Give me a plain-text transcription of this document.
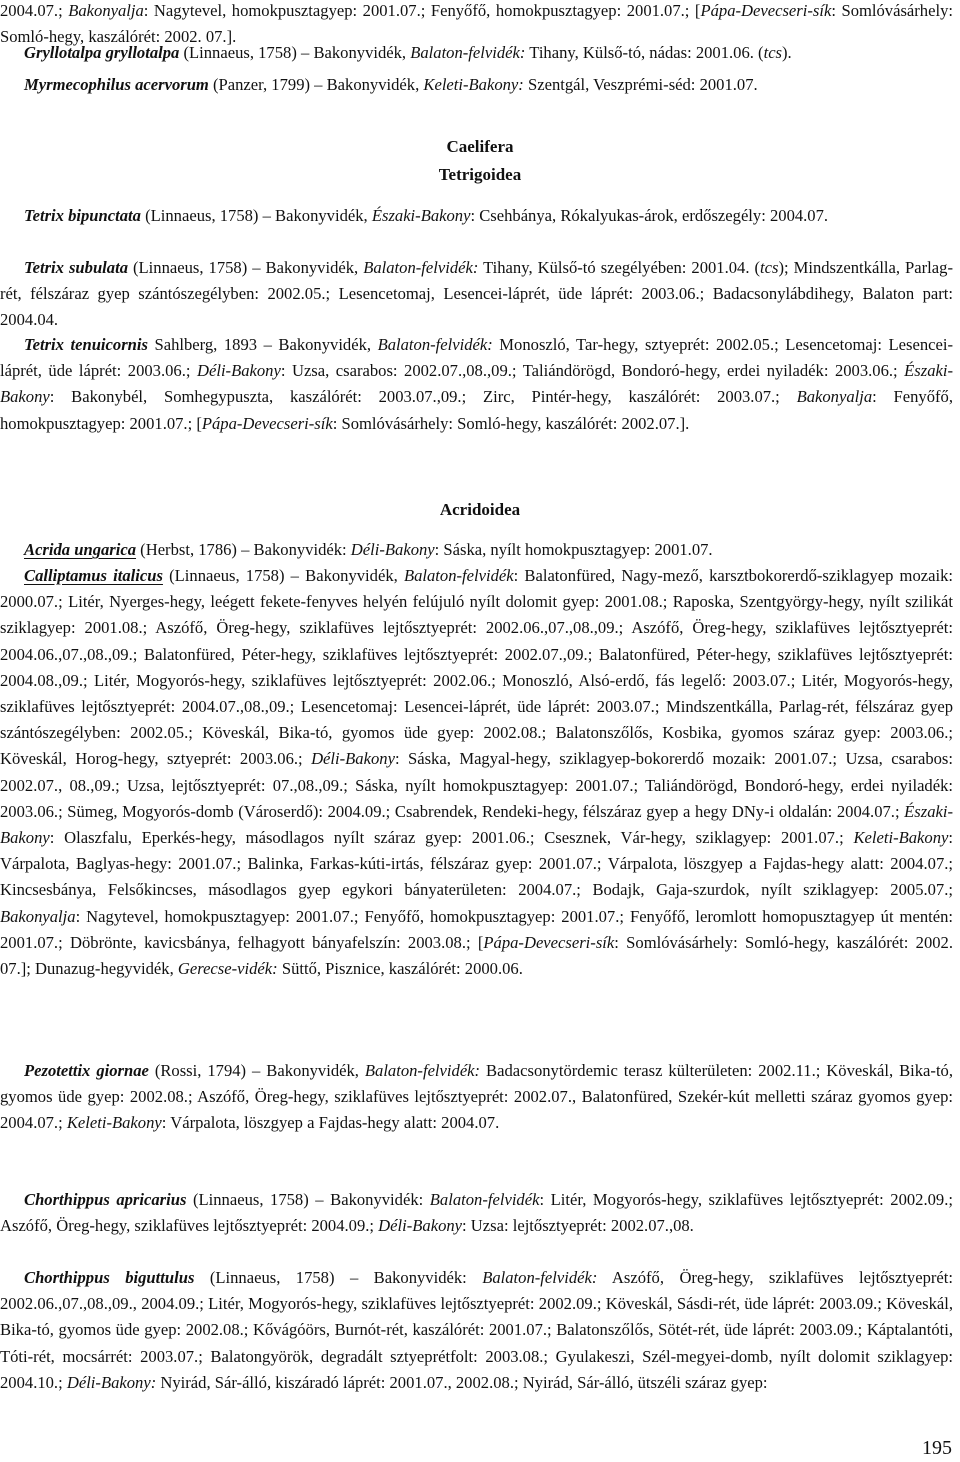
2004.07.; Bakonyalja: Nagytevel, homokpusztagyep: 2001.07.; Fenyőfő, homokpusztagyep: 2001.07.; [Pápa-Devecseri-sík: Somlóvásárhely: Somló-hegy, kaszálórét: 2002. 07.].

Gryllotalpa gryllotalpa (Linnaeus, 1758) – Bakonyvidék, Balaton-felvidék: Tihany, Külső-tó, nádas: 2001.06. (tcs).

Myrmecophilus acervorum (Panzer, 1799) – Bakonyvidék, Keleti-Bakony: Szentgál, Veszprémi-séd: 2001.07.

Caelifera
Tetrigoidea

Tetrix bipunctata (Linnaeus, 1758) – Bakonyvidék, Északi-Bakony: Csehbánya, Rókalyukas-árok, erdőszegély: 2004.07.

Tetrix subulata (Linnaeus, 1758) – Bakonyvidék, Balaton-felvidék: Tihany, Külső-tó szegélyében: 2001.04. (tcs); Mindszentkálla, Parlag-rét, félszáraz gyep szántószegélyben: 2002.05.; Lesencetomaj, Lesencei-láprét, üde láprét: 2003.06.; Badacsonylábdihegy, Balaton part: 2004.04.

Tetrix tenuicornis Sahlberg, 1893 – Bakonyvidék, Balaton-felvidék: Monoszló, Tar-hegy, sztyeprét: 2002.05.; Lesencetomaj: Lesencei-láprét, üde láprét: 2003.06.; Déli-Bakony: Uzsa, csarabos: 2002.07.,08.,09.; Taliándörögd, Bondoró-hegy, erdei nyiladék: 2003.06.; Északi-Bakony: Bakonybél, Somhegypuszta, kaszálórét: 2003.07.,09.; Zirc, Pintér-hegy, kaszálórét: 2003.07.; Bakonyalja: Fenyőfő, homokpusztagyep: 2001.07.; [Pápa-Devecseri-sík: Somlóvásárhely: Somló-hegy, kaszálórét: 2002.07.].

Acridoidea

Acrida ungarica (Herbst, 1786) – Bakonyvidék: Déli-Bakony: Sáska, nyílt homokpusztagyep: 2001.07.

Calliptamus italicus (Linnaeus, 1758) – Bakonyvidék, Balaton-felvidék: Balatonfüred, Nagy-mező, karsztbokorerdő-sziklagyep mozaik: 2000.07.; Litér, Nyerges-hegy, leégett fekete-fenyves helyén felújuló nyílt dolomit gyep: 2001.08.; Raposka, Szentgyörgy-hegy, nyílt szilikát sziklagyep: 2001.08.; Aszófő, Öreg-hegy, sziklafüves lejtősztyeprét: 2002.06.,07.,08.,09.; Aszófő, Öreg-hegy, sziklafüves lejtősztyeprét: 2004.06.,07.,08.,09.; Balatonfüred, Péter-hegy, sziklafüves lejtősztyeprét: 2002.07.,09.; Balatonfüred, Péter-hegy, sziklafüves lejtősztyeprét: 2004.08.,09.; Litér, Mogyorós-hegy, sziklafüves lejtősztyeprét: 2002.06.; Monoszló, Alsó-erdő, fás legelő: 2003.07.; Litér, Mogyorós-hegy, sziklafüves lejtősztyeprét: 2004.07.,08.,09.; Lesencetomaj: Lesencei-láprét, üde láprét: 2003.07.; Mindszentkálla, Parlag-rét, félszáraz gyep szántószegélyben: 2002.05.; Köveskál, Bika-tó, gyomos üde gyep: 2002.08.; Balatonszőlős, Kosbika, gyomos száraz gyep: 2003.06.; Köveskál, Horog-hegy, sztyeprét: 2003.06.; Déli-Bakony: Sáska, Magyal-hegy, sziklagyep-bokorerdő mozaik: 2001.07.; Uzsa, csarabos: 2002.07., 08.,09.; Uzsa, lejtősztyeprét: 07.,08.,09.; Sáska, nyílt homokpusztagyep: 2001.07.; Taliándörögd, Bondoró-hegy, erdei nyiladék: 2003.06.; Sümeg, Mogyorós-domb (Városerdő): 2004.09.; Csabrendek, Rendeki-hegy, félszáraz gyep a hegy DNy-i oldalán: 2004.07.; Északi-Bakony: Olaszfalu, Eperkés-hegy, másodlagos nyílt száraz gyep: 2001.06.; Csesznek, Vár-hegy, sziklagyep: 2001.07.; Keleti-Bakony: Várpalota, Baglyas-hegy: 2001.07.; Balinka, Farkas-kúti-irtás, félszáraz gyep: 2001.07.; Várpalota, löszgyep a Fajdas-hegy alatt: 2004.07.; Kincsesbánya, Felsőkincses, másodlagos gyep egykori bányaterületen: 2004.07.; Bodajk, Gaja-szurdok, nyílt sziklagyep: 2005.07.; Bakonyalja: Nagytevel, homokpusztagyep: 2001.07.; Fenyőfő, homokpusztagyep: 2001.07.; Fenyőfő, leromlott homopusztagyep út mentén: 2001.07.; Döbrönte, kavicsbánya, felhagyott bányafelszín: 2003.08.; [Pápa-Devecseri-sík: Somlóvásárhely: Somló-hegy, kaszálórét: 2002. 07.]; Dunazug-hegyvidék, Gerecse-vidék: Süttő, Pisznice, kaszálórét: 2000.06.

Pezotettix giornae (Rossi, 1794) – Bakonyvidék, Balaton-felvidék: Badacsonytördemic terasz külterületen: 2002.11.; Köveskál, Bika-tó, gyomos üde gyep: 2002.08.; Aszófő, Öreg-hegy, sziklafüves lejtősztyeprét: 2002.07., Balatonfüred, Szekér-kút melletti száraz gyomos gyep: 2004.07.; Keleti-Bakony: Várpalota, löszgyep a Fajdas-hegy alatt: 2004.07.

Chorthippus apricarius (Linnaeus, 1758) – Bakonyvidék: Balaton-felvidék: Litér, Mogyorós-hegy, sziklafüves lejtősztyeprét: 2002.09.; Aszófő, Öreg-hegy, sziklafüves lejtősztyeprét: 2004.09.; Déli-Bakony: Uzsa: lejtősztyeprét: 2002.07.,08.

Chorthippus biguttulus (Linnaeus, 1758) – Bakonyvidék: Balaton-felvidék: Aszófő, Öreg-hegy, sziklafüves lejtősztyeprét: 2002.06.,07.,08.,09., 2004.09.; Litér, Mogyorós-hegy, sziklafüves lejtősztyeprét: 2002.09.; Köveskál, Sásdi-rét, üde láprét: 2003.09.; Köveskál, Bika-tó, gyomos üde gyep: 2002.08.; Kővágóörs, Burnót-rét, kaszálórét: 2001.07.; Balatonszőlős, Sötét-rét, üde láprét: 2003.09.; Káptalantóti, Tóti-rét, mocsárrét: 2003.07.; Balatongyörök, degradált sztyeprétfolt: 2003.08.; Gyulakeszi, Szél-megyei-domb, nyílt dolomit sziklagyep: 2004.10.; Déli-Bakony: Nyirád, Sár-álló, kiszáradó láprét: 2001.07., 2002.08.; Nyirád, Sár-álló, ütszéli száraz gyep:

195
